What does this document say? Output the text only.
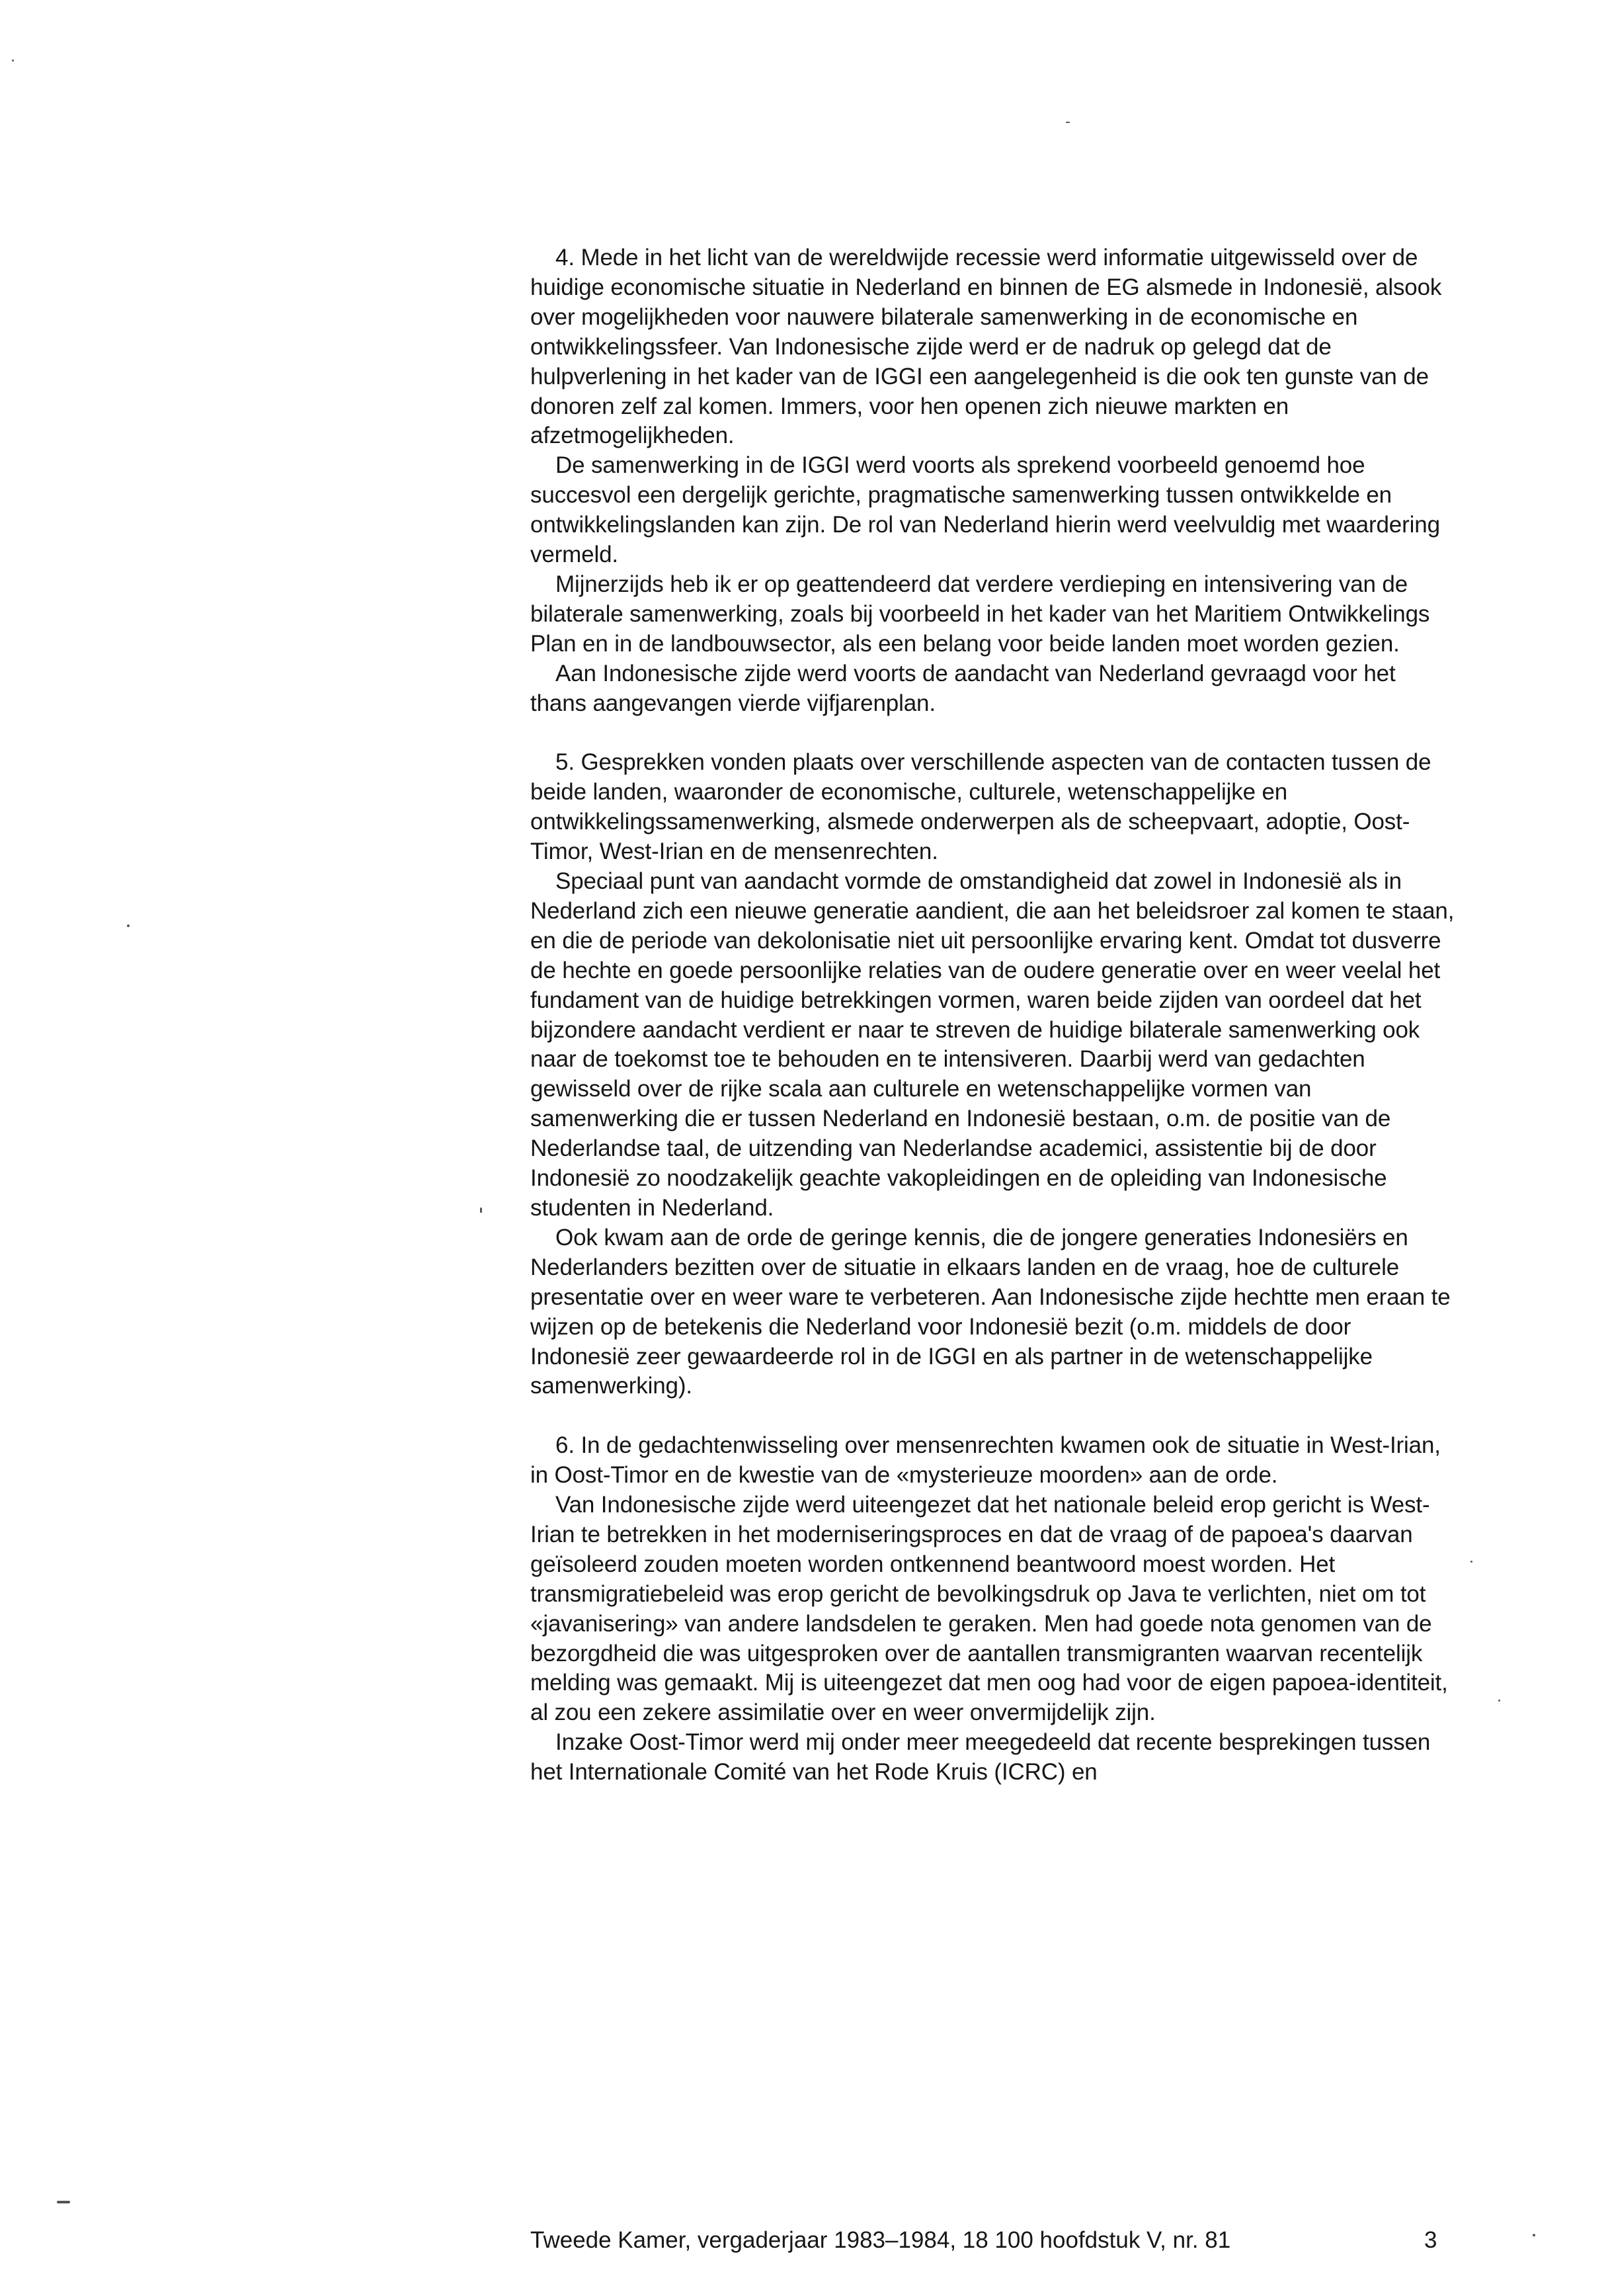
4. Mede in het licht van de wereldwijde recessie werd informatie uitgewisseld over de huidige economische situatie in Nederland en binnen de EG alsmede in Indonesië, alsook over mogelijkheden voor nauwere bilaterale samenwerking in de economische en ontwikkelingssfeer. Van Indonesische zijde werd er de nadruk op gelegd dat de hulpverlening in het kader van de IGGI een aangelegenheid is die ook ten gunste van de donoren zelf zal komen. Immers, voor hen openen zich nieuwe markten en afzetmogelijkheden.

De samenwerking in de IGGI werd voorts als sprekend voorbeeld genoemd hoe succesvol een dergelijk gerichte, pragmatische samenwerking tussen ontwikkelde en ontwikkelingslanden kan zijn. De rol van Nederland hierin werd veelvuldig met waardering vermeld.

Mijnerzijds heb ik er op geattendeerd dat verdere verdieping en intensivering van de bilaterale samenwerking, zoals bij voorbeeld in het kader van het Maritiem Ontwikkelings Plan en in de landbouwsector, als een belang voor beide landen moet worden gezien.

Aan Indonesische zijde werd voorts de aandacht van Nederland gevraagd voor het thans aangevangen vierde vijfjarenplan.

5. Gesprekken vonden plaats over verschillende aspecten van de contacten tussen de beide landen, waaronder de economische, culturele, wetenschappelijke en ontwikkelingssamenwerking, alsmede onderwerpen als de scheepvaart, adoptie, Oost-Timor, West-Irian en de mensenrechten.

Speciaal punt van aandacht vormde de omstandigheid dat zowel in Indonesië als in Nederland zich een nieuwe generatie aandient, die aan het beleidsroer zal komen te staan, en die de periode van dekolonisatie niet uit persoonlijke ervaring kent. Omdat tot dusverre de hechte en goede persoonlijke relaties van de oudere generatie over en weer veelal het fundament van de huidige betrekkingen vormen, waren beide zijden van oordeel dat het bijzondere aandacht verdient er naar te streven de huidige bilaterale samenwerking ook naar de toekomst toe te behouden en te intensiveren. Daarbij werd van gedachten gewisseld over de rijke scala aan culturele en wetenschappelijke vormen van samenwerking die er tussen Nederland en Indonesië bestaan, o.m. de positie van de Nederlandse taal, de uitzending van Nederlandse academici, assistentie bij de door Indonesië zo noodzakelijk geachte vakopleidingen en de opleiding van Indonesische studenten in Nederland.

Ook kwam aan de orde de geringe kennis, die de jongere generaties Indonesiërs en Nederlanders bezitten over de situatie in elkaars landen en de vraag, hoe de culturele presentatie over en weer ware te verbeteren. Aan Indonesische zijde hechtte men eraan te wijzen op de betekenis die Nederland voor Indonesië bezit (o.m. middels de door Indonesië zeer gewaardeerde rol in de IGGI en als partner in de wetenschappelijke samenwerking).

6. In de gedachtenwisseling over mensenrechten kwamen ook de situatie in West-Irian, in Oost-Timor en de kwestie van de «mysterieuze moorden» aan de orde.

Van Indonesische zijde werd uiteengezet dat het nationale beleid erop gericht is West-Irian te betrekken in het moderniseringsproces en dat de vraag of de papoea's daarvan geïsoleerd zouden moeten worden ontkennend beantwoord moest worden. Het transmigratiebeleid was erop gericht de bevolkingsdruk op Java te verlichten, niet om tot «javanisering» van andere landsdelen te geraken. Men had goede nota genomen van de bezorgdheid die was uitgesproken over de aantallen transmigranten waarvan recentelijk melding was gemaakt. Mij is uiteengezet dat men oog had voor de eigen papoea-identiteit, al zou een zekere assimilatie over en weer onvermijdelijk zijn.

Inzake Oost-Timor werd mij onder meer meegedeeld dat recente besprekingen tussen het Internationale Comité van het Rode Kruis (ICRC) en

Tweede Kamer, vergaderjaar 1983–1984, 18 100 hoofdstuk V, nr. 81	3
